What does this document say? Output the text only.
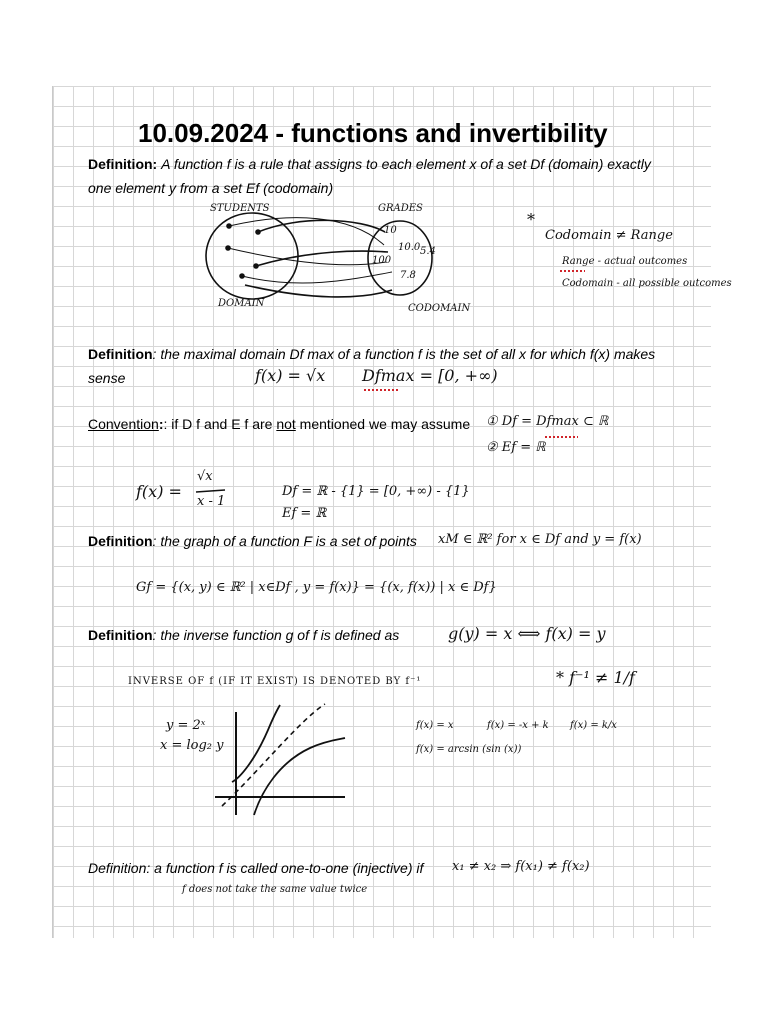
10.09.2024 - functions and invertibility
Definition: A function f is a rule that assigns to each element x of a set Df (domain) exactly
one element y from a set Ef (codomain)
STUDENTS	GRADES
DOMAIN	CODOMAIN
10
10.0
100
5.4
7.8
*
Codomain ≠ Range
Range - actual outcomes
Codomain - all possible outcomes
Definition: the maximal domain Df max of a function f is the set of all x for which f(x) makes
sense	f(x) = √x Dfmax = [0, +∞)
Convention:: if D f and E f are not mentioned we may assume ① Df = Dfmax ⊂ ℝ
② Ef = ℝ
f(x) =
√x
x - 1
Df = ℝ - {1} = [0, +∞) - {1}
Ef = ℝ
Definition: the graph of a function F is a set of points xM ∈ ℝ² for x ∈ Df and y = f(x)
Gf = {(x, y) ∈ ℝ² | x∈Df , y = f(x)} = {(x, f(x)) | x ∈ Df}
Definition: the inverse function g of f is defined as	g(y) = x ⟺ f(x) = y
INVERSE OF f (IF IT EXIST) IS DENOTED BY f⁻¹	* f⁻¹ ≠ 1/f
y = 2ˣ
x = log₂ y
f(x) = x	f(x) = -x + k f(x) = k/x
f(x) = arcsin (sin (x))
Definition: a function f is called one-to-one (injective) if x₁ ≠ x₂ ⇒ f(x₁) ≠ f(x₂)
f does not take the same value twice
